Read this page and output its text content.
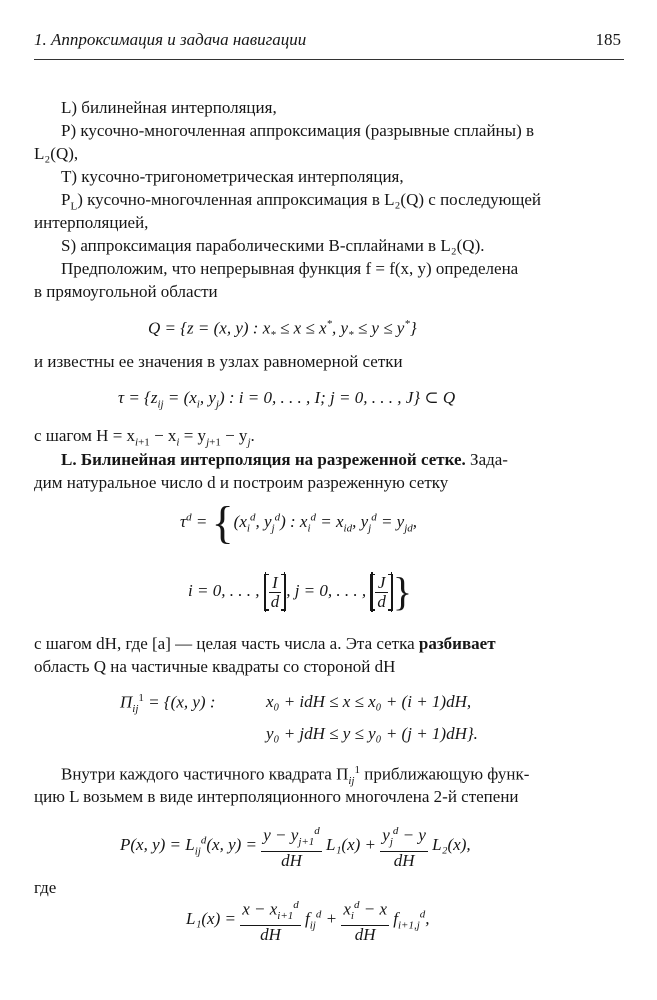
1. Аппроксимация и задача навигации	185
L) билинейная интерполяция,
P) кусочно-многочленная аппроксимация (разрывные сплайны) в
L₂(Q),
T) кусочно-тригонометрическая интерполяция,
$P_L$) кусочно-многочленная аппроксимация в L₂(Q) с последующей
интерполяцией,
S) аппроксимация параболическими B-сплайнами в L₂(Q).
Предположим, что непрерывная функция f = f(x, y) определена
в прямоугольной области
Q = {z = (x, y) : $x_* \le x \le x^*$, $y_* \le y \le y^*$}
и известны ее значения в узлах равномерной сетки
$\tau = \{z_{ij} = (x_i$, $y_j$) : i = 0, . . . , I; j = 0, . . . , J} ⊂ Q
с шагом $H = x_{i+1} - x_i = y_{j+1} - y_j$.
L. Билинейная интерполяция на разреженной сетке. Зада-
дим натуральное число d и построим разреженную сетку
$\tau^d = \{(x_i^d$, $y_j^d$) : $x_i^d = x_{id}$, $y_j^d = y_{jd}$,
i = 0, . . . , $\frac{I}{d}$ , j = 0, . . . , $\frac{J}{d}$ }
с шагом dH, где [a] — целая часть числа a. Эта сетка разбивает
область Q на частичные квадраты со стороной dH
$\Pi_{ij}^1 = \{(x$, y) :	x₀ + idH ≤ x ≤ x₀ + (i + 1)dH,
y₀ + jdH ≤ y ≤ y₀ + (j + 1)dH}.
Внутри каждого частичного квадрата $\Pi_{ij}^1$ приближающую функ-
цию L возьмем в виде интерполяционного многочлена 2-й степени
P(x, $y) = L_{ij}^d(x$, $y) = \frac{y - y_{j+1}^d}{dH} L_1(x) + \frac{y_j^d - y}{dH} L_2(x)$,
где
$L_1(x) = \frac{x - x_{i+1}^d}{dH} f_{ij}^d + \frac{x_i^d - x}{dH} f_{i+1,j}^d$,
